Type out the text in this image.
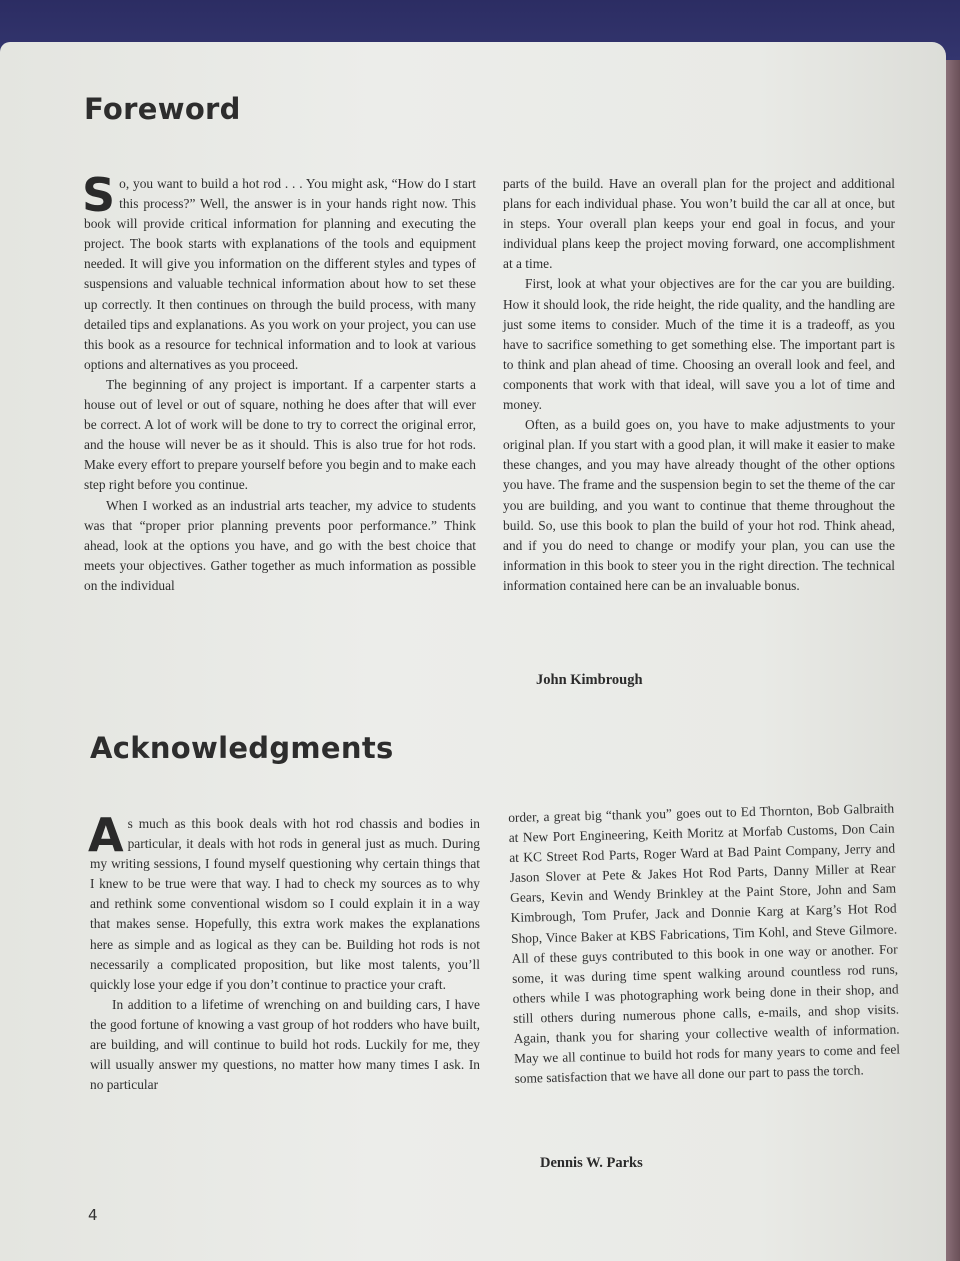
Foreword

So, you want to build a hot rod . . . You might ask, “How do I start this process?” Well, the answer is in your hands right now. This book will provide critical information for planning and executing the project. The book starts with explanations of the tools and equipment needed. It will give you information on the different styles and types of suspensions and valuable technical information about how to set these up correctly. It then continues on through the build process, with many detailed tips and explanations. As you work on your project, you can use this book as a resource for technical information and to look at various options and alternatives as you proceed.

The beginning of any project is important. If a carpenter starts a house out of level or out of square, nothing he does after that will ever be correct. A lot of work will be done to try to correct the original error, and the house will never be as it should. This is also true for hot rods. Make every effort to prepare yourself before you begin and to make each step right before you continue.

When I worked as an industrial arts teacher, my advice to students was that “proper prior planning prevents poor performance.” Think ahead, look at the options you have, and go with the best choice that meets your objectives. Gather together as much information as possible on the individual

parts of the build. Have an overall plan for the project and additional plans for each individual phase. You won’t build the car all at once, but in steps. Your overall plan keeps your end goal in focus, and your individual plans keep the project moving forward, one accomplishment at a time.

First, look at what your objectives are for the car you are building. How it should look, the ride height, the ride quality, and the handling are just some items to consider. Much of the time it is a tradeoff, as you have to sacrifice something to get something else. The important part is to think and plan ahead of time. Choosing an overall look and feel, and components that work with that ideal, will save you a lot of time and money.

Often, as a build goes on, you have to make adjustments to your original plan. If you start with a good plan, it will make it easier to make these changes, and you may have already thought of the other options you have. The frame and the suspension begin to set the theme of the car you are building, and you want to continue that theme throughout the build. So, use this book to plan the build of your hot rod. Think ahead, and if you do need to change or modify your plan, you can use the information in this book to steer you in the right direction. The technical information contained here can be an invaluable bonus.

John Kimbrough
Acknowledgments

As much as this book deals with hot rod chassis and bodies in particular, it deals with hot rods in general just as much. During my writing sessions, I found myself questioning why certain things that I knew to be true were that way. I had to check my sources as to why and rethink some conventional wisdom so I could explain it in a way that makes sense. Hopefully, this extra work makes the explanations here as simple and as logical as they can be. Building hot rods is not necessarily a complicated proposition, but like most talents, you’ll quickly lose your edge if you don’t continue to practice your craft.

In addition to a lifetime of wrenching on and building cars, I have the good fortune of knowing a vast group of hot rodders who have built, are building, and will continue to build hot rods. Luckily for me, they will usually answer my questions, no matter how many times I ask. In no particular

order, a great big “thank you” goes out to Ed Thornton, Bob Galbraith at New Port Engineering, Keith Moritz at Morfab Customs, Don Cain at KC Street Rod Parts, Roger Ward at Bad Paint Company, Jerry and Jason Slover at Pete & Jakes Hot Rod Parts, Danny Miller at Rear Gears, Kevin and Wendy Brinkley at the Paint Store, John and Sam Kimbrough, Tom Prufer, Jack and Donnie Karg at Karg’s Hot Rod Shop, Vince Baker at KBS Fabrications, Tim Kohl, and Steve Gilmore. All of these guys contributed to this book in one way or another. For some, it was during time spent walking around countless rod runs, others while I was photographing work being done in their shop, and still others during numerous phone calls, e-mails, and shop visits. Again, thank you for sharing your collective wealth of information. May we all continue to build hot rods for many years to come and feel some satisfaction that we have all done our part to pass the torch.

Dennis W. Parks
4
